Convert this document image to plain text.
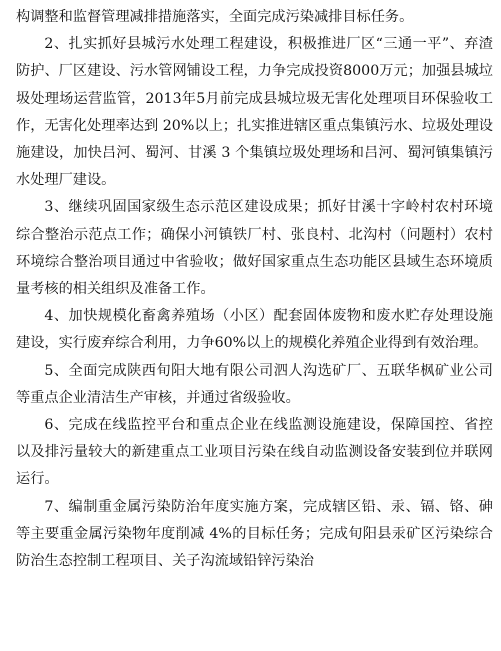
构调整和监督管理减排措施落实，全面完成污染减排目标任务。

2、扎实抓好县城污水处理工程建设，积极推进厂区“三通一平”、弃渣防护、厂区建设、污水管网铺设工程，力争完成投资8000万元；加强县城垃圾处理场运营监管，2013年5月前完成县城垃圾无害化处理项目环保验收工作，无害化处理率达到 20%以上；扎实推进辖区重点集镇污水、垃圾处理设施建设，加快吕河、蜀河、甘溪 3 个集镇垃圾处理场和吕河、蜀河镇集镇污水处理厂建设。

3、继续巩固国家级生态示范区建设成果；抓好甘溪十字岭村农村环境综合整治示范点工作；确保小河镇铁厂村、张良村、北沟村（问题村）农村环境综合整治项目通过中省验收；做好国家重点生态功能区县域生态环境质量考核的相关组织及准备工作。

4、加快规模化畜禽养殖场（小区）配套固体废物和废水贮存处理设施建设，实行废弃综合利用，力争60%以上的规模化养殖企业得到有效治理。

5、全面完成陕西旬阳大地有限公司泗人沟选矿厂、五联华枫矿业公司等重点企业清洁生产审核，并通过省级验收。

6、完成在线监控平台和重点企业在线监测设施建设，保障国控、省控以及排污量较大的新建重点工业项目污染在线自动监测设备安装到位并联网运行。

7、编制重金属污染防治年度实施方案，完成辖区铅、汞、镉、铬、砷等主要重金属污染物年度削减 4%的目标任务；完成旬阳县汞矿区污染综合防治生态控制工程项目、关子沟流域铅锌污染治
